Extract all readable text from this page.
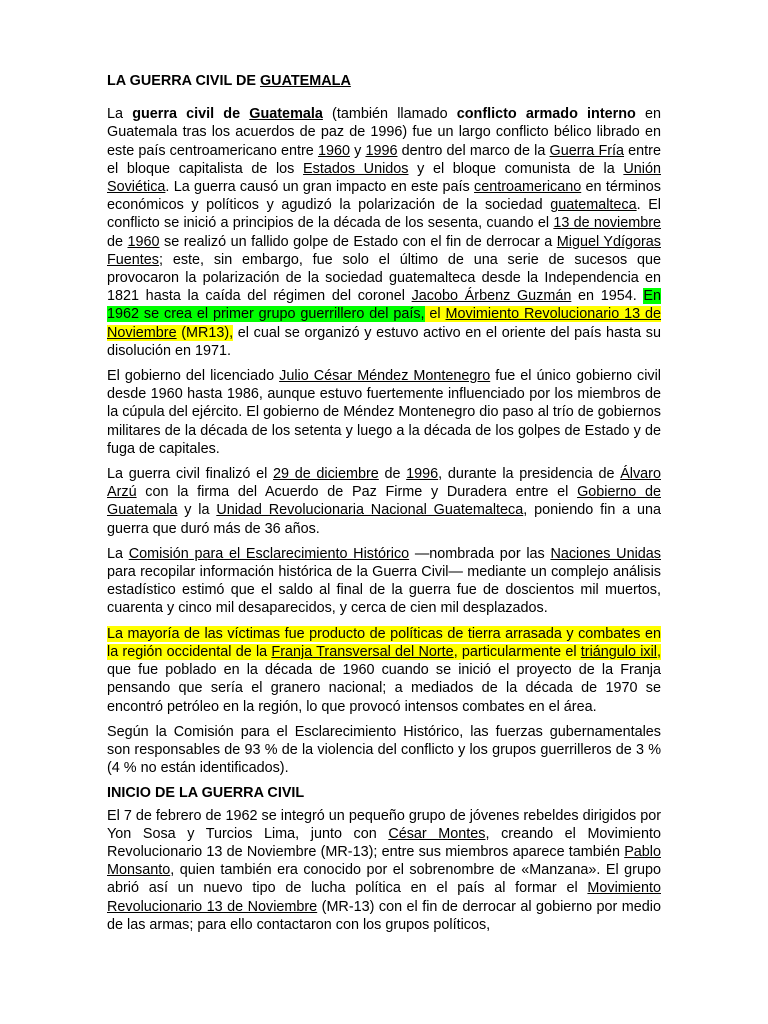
LA GUERRA CIVIL DE GUATEMALA

La guerra civil de Guatemala (también llamado conflicto armado interno en Guatemala tras los acuerdos de paz de 1996) fue un largo conflicto bélico librado en este país centroamericano entre 1960 y 1996 dentro del marco de la Guerra Fría entre el bloque capitalista de los Estados Unidos y el bloque comunista de la Unión Soviética. La guerra causó un gran impacto en este país centroamericano en términos económicos y políticos y agudizó la polarización de la sociedad guatemalteca. El conflicto se inició a principios de la década de los sesenta, cuando el 13 de noviembre de 1960 se realizó un fallido golpe de Estado con el fin de derrocar a Miguel Ydígoras Fuentes; este, sin embargo, fue solo el último de una serie de sucesos que provocaron la polarización de la sociedad guatemalteca desde la Independencia en 1821 hasta la caída del régimen del coronel Jacobo Árbenz Guzmán en 1954. En 1962 se crea el primer grupo guerrillero del país, el Movimiento Revolucionario 13 de Noviembre (MR13), el cual se organizó y estuvo activo en el oriente del país hasta su disolución en 1971.

El gobierno del licenciado Julio César Méndez Montenegro fue el único gobierno civil desde 1960 hasta 1986, aunque estuvo fuertemente influenciado por los miembros de la cúpula del ejército. El gobierno de Méndez Montenegro dio paso al trío de gobiernos militares de la década de los setenta y luego a la década de los golpes de Estado y de fuga de capitales.

La guerra civil finalizó el 29 de diciembre de 1996, durante la presidencia de Álvaro Arzú con la firma del Acuerdo de Paz Firme y Duradera entre el Gobierno de Guatemala y la Unidad Revolucionaria Nacional Guatemalteca, poniendo fin a una guerra que duró más de 36 años.

La Comisión para el Esclarecimiento Histórico —nombrada por las Naciones Unidas para recopilar información histórica de la Guerra Civil— mediante un complejo análisis estadístico estimó que el saldo al final de la guerra fue de doscientos mil muertos, cuarenta y cinco mil desaparecidos, y cerca de cien mil desplazados.

La mayoría de las víctimas fue producto de políticas de tierra arrasada y combates en la región occidental de la Franja Transversal del Norte, particularmente el triángulo ixil, que fue poblado en la década de 1960 cuando se inició el proyecto de la Franja pensando que sería el granero nacional; a mediados de la década de 1970 se encontró petróleo en la región, lo que provocó intensos combates en el área.

Según la Comisión para el Esclarecimiento Histórico, las fuerzas gubernamentales son responsables de 93 % de la violencia del conflicto y los grupos guerrilleros de 3 % (4 % no están identificados).

INICIO DE LA GUERRA CIVIL

El 7 de febrero de 1962 se integró un pequeño grupo de jóvenes rebeldes dirigidos por Yon Sosa y Turcios Lima, junto con César Montes, creando el Movimiento Revolucionario 13 de Noviembre (MR-13); entre sus miembros aparece también Pablo Monsanto, quien también era conocido por el sobrenombre de «Manzana». El grupo abrió así un nuevo tipo de lucha política en el país al formar el Movimiento Revolucionario 13 de Noviembre (MR-13) con el fin de derrocar al gobierno por medio de las armas; para ello contactaron con los grupos políticos,
